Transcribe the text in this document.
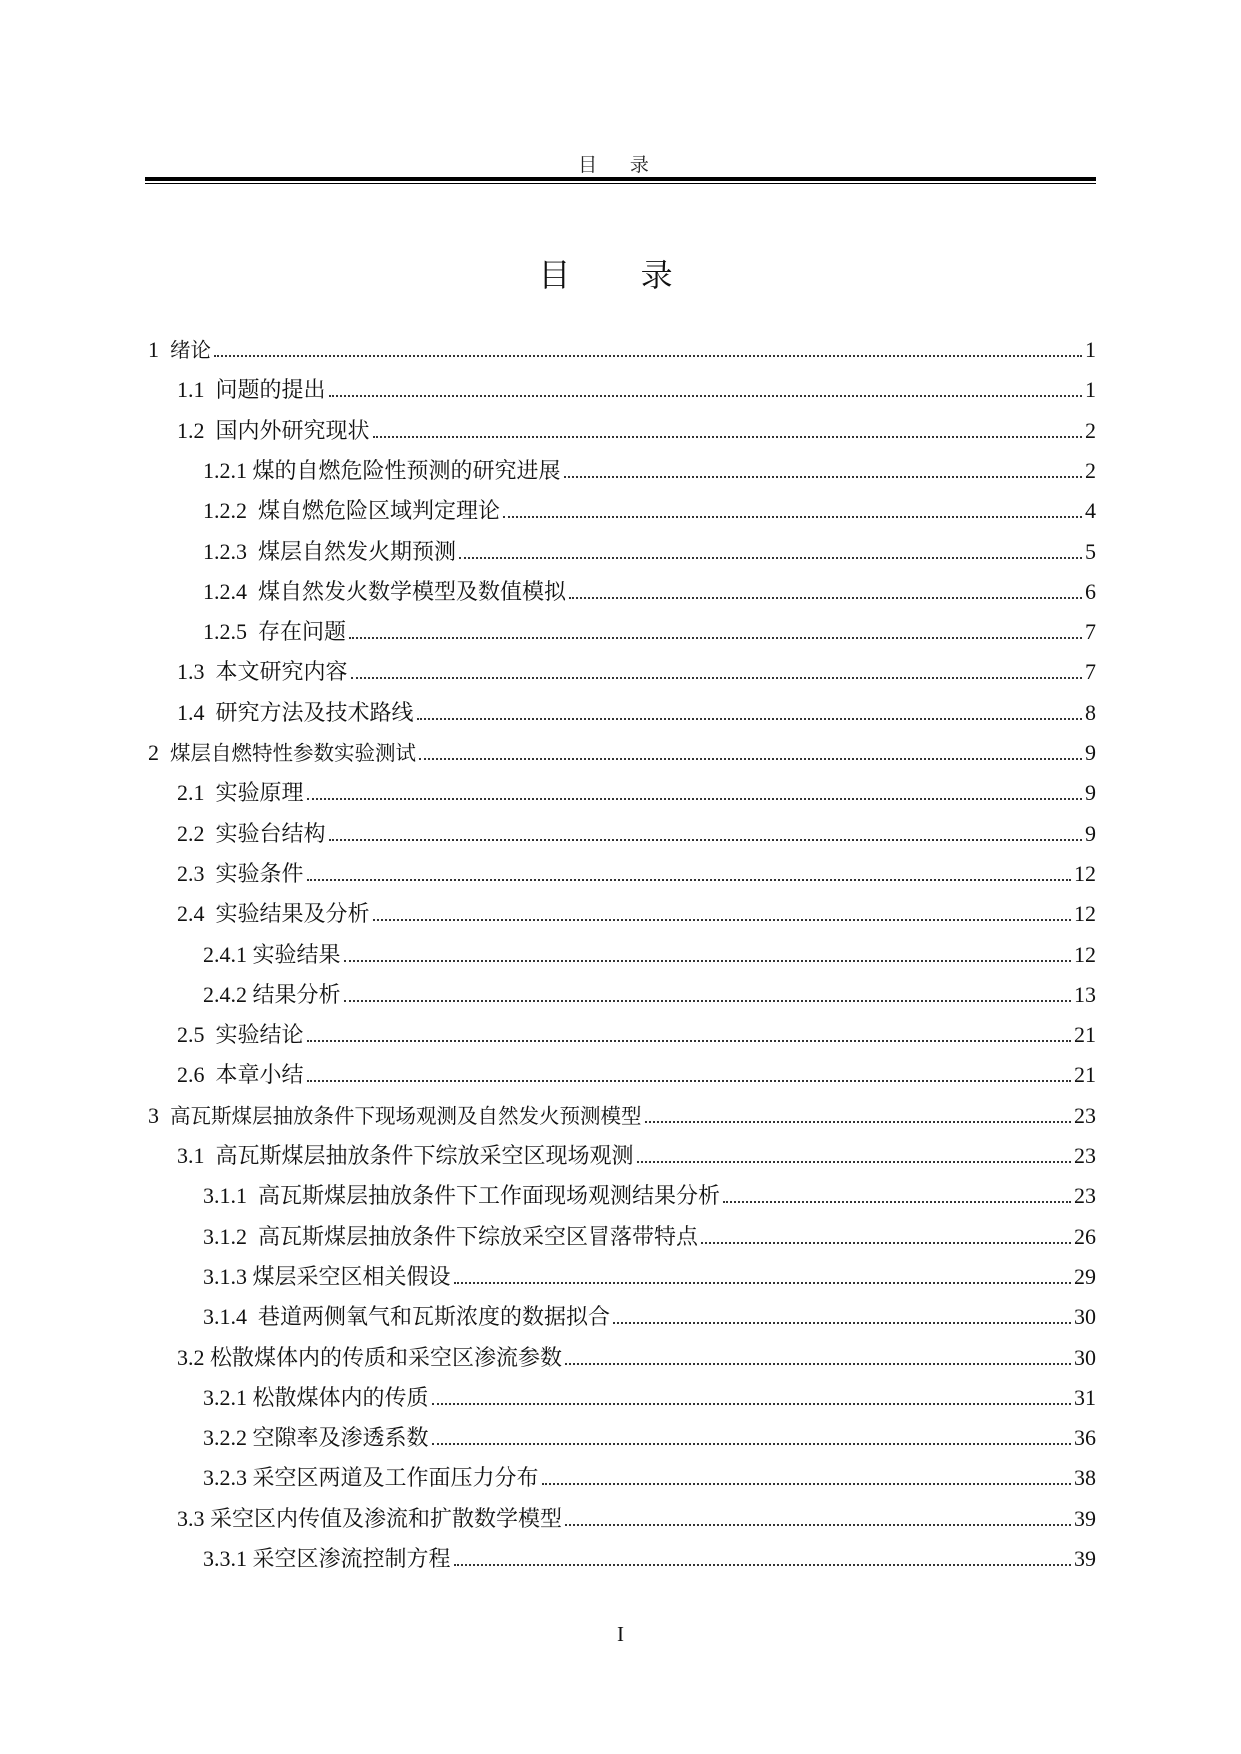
目 录
目 录
1 绪论	1
1.1 问题的提出	1
1.2 国内外研究现状	2
1.2.1 煤的自燃危险性预测的研究进展	2
1.2.2 煤自燃危险区域判定理论	4
1.2.3 煤层自然发火期预测	5
1.2.4 煤自然发火数学模型及数值模拟	6
1.2.5 存在问题	7
1.3 本文研究内容	7
1.4 研究方法及技术路线	8
2 煤层自燃特性参数实验测试	9
2.1 实验原理	9
2.2 实验台结构	9
2.3 实验条件	12
2.4 实验结果及分析	12
2.4.1 实验结果	12
2.4.2 结果分析	13
2.5 实验结论	21
2.6 本章小结	21
3 高瓦斯煤层抽放条件下现场观测及自然发火预测模型	23
3.1 高瓦斯煤层抽放条件下综放采空区现场观测	23
3.1.1 高瓦斯煤层抽放条件下工作面现场观测结果分析	23
3.1.2 高瓦斯煤层抽放条件下综放采空区冒落带特点	26
3.1.3 煤层采空区相关假设	29
3.1.4 巷道两侧氧气和瓦斯浓度的数据拟合	30
3.2 松散煤体内的传质和采空区渗流参数	30
3.2.1 松散煤体内的传质	31
3.2.2 空隙率及渗透系数	36
3.2.3 采空区两道及工作面压力分布	38
3.3 采空区内传值及渗流和扩散数学模型	39
3.3.1 采空区渗流控制方程	39
I
